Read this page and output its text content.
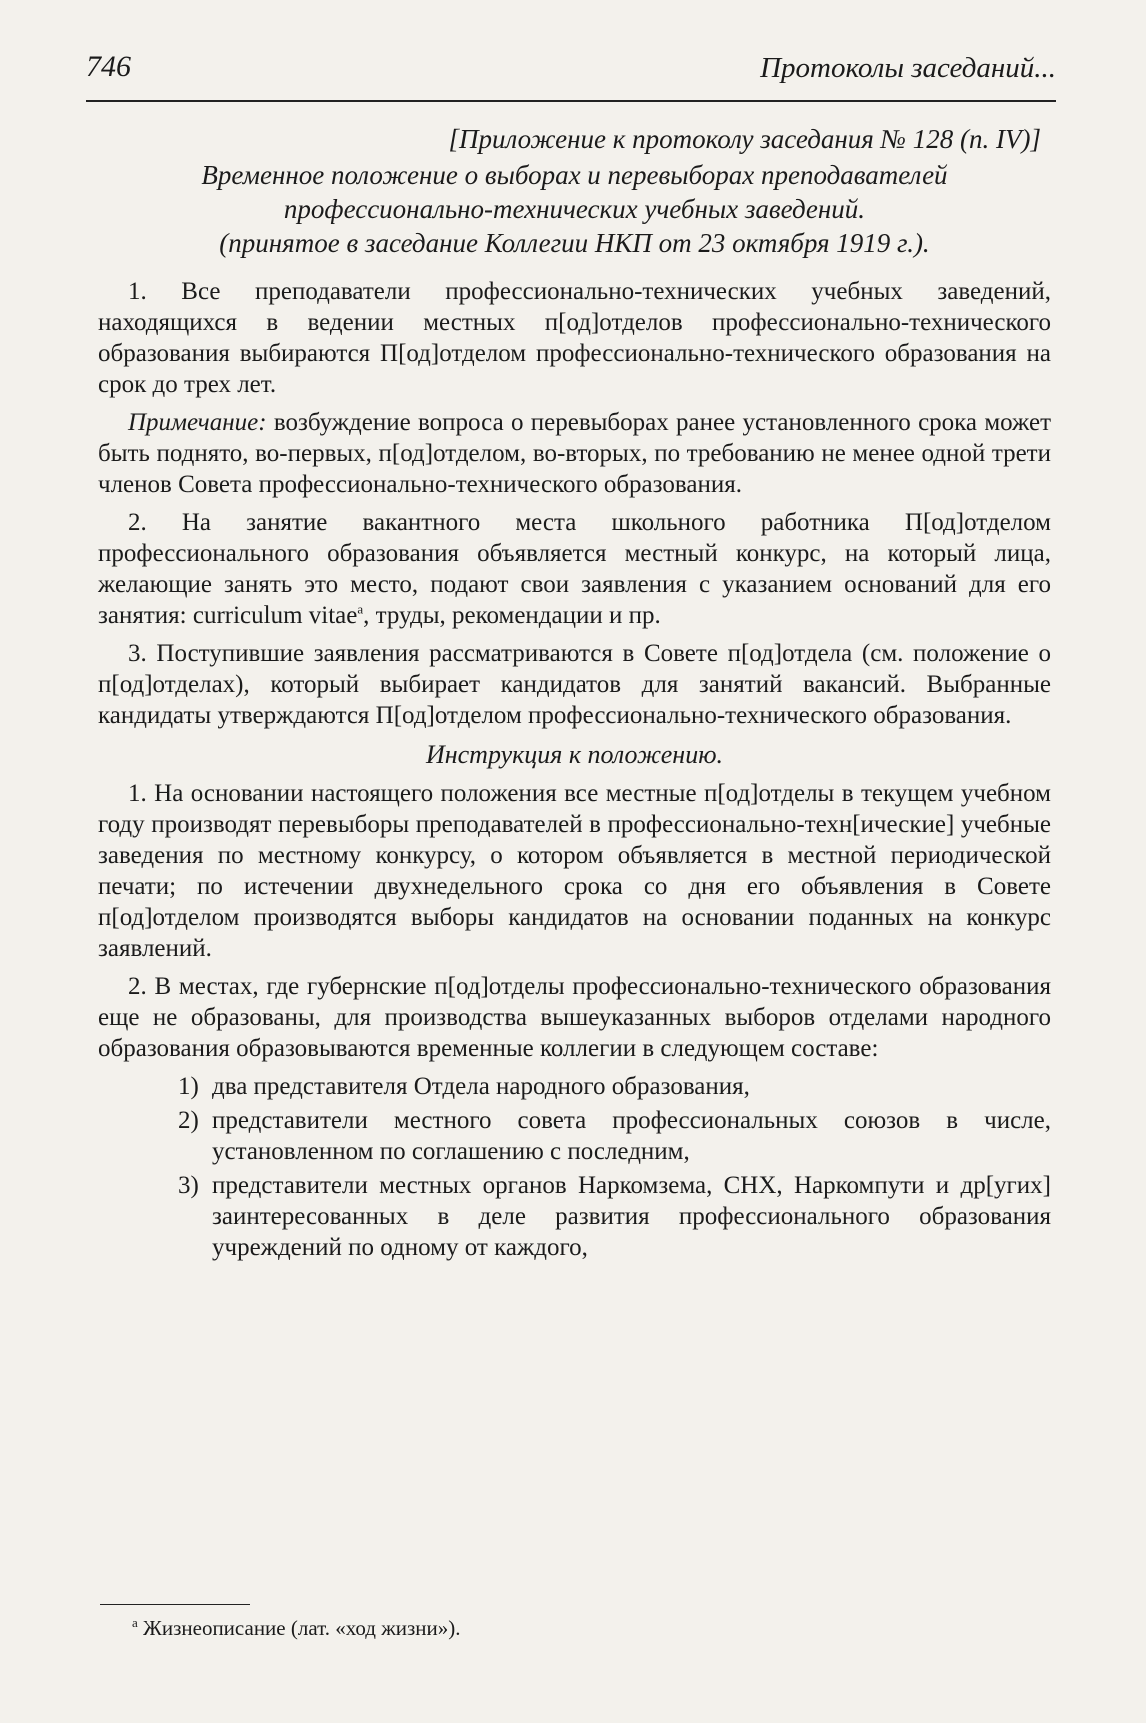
746	Протоколы заседаний...
[Приложение к протоколу заседания № 128 (п. IV)]
Временное положение о выборах и перевыборах преподавателей
профессионально-технических учебных заведений.
(принятое в заседание Коллегии НКП от 23 октября 1919 г.).

1. Все преподаватели профессионально-технических учебных заведений, находящихся в ведении местных п[од]отделов профессионально-технического образования выбираются П[од]отделом профессионально-технического образования на срок до трех лет.

Примечание: возбуждение вопроса о перевыборах ранее установленного срока может быть поднято, во-первых, п[од]отделом, во-вторых, по требованию не менее одной трети членов Совета профессионально-технического образования.

2. На занятие вакантного места школьного работника П[од]отделом профессионального образования объявляется местный конкурс, на который лица, желающие занять это место, подают свои заявления с указанием оснований для его занятия: curriculum vitae$^а$, труды, рекомендации и пр.

3. Поступившие заявления рассматриваются в Совете п[од]отдела (см. положение о п[од]отделах), который выбирает кандидатов для занятий вакансий. Выбранные кандидаты утверждаются П[од]отделом профессионально-технического образования.

Инструкция к положению.

1. На основании настоящего положения все местные п[од]отделы в текущем учебном году производят перевыборы преподавателей в профессионально-техн[ические] учебные заведения по местному конкурсу, о котором объявляется в местной периодической печати; по истечении двухнедельного срока со дня его объявления в Совете п[од]отделом производятся выборы кандидатов на основании поданных на конкурс заявлений.

2. В местах, где губернские п[од]отделы профессионально-технического образования еще не образованы, для производства вышеуказанных выборов отделами народного образования образовываются временные коллегии в следующем составе:

1) два представителя Отдела народного образования,
2) представители местного совета профессиональных союзов в числе, установленном по соглашению с последним,
3) представители местных органов Наркомзема, СНХ, Наркомпути и др[угих] заинтересованных в деле развития профессионального образования учреждений по одному от каждого,
$^а$ Жизнеописание (лат. «ход жизни»).
